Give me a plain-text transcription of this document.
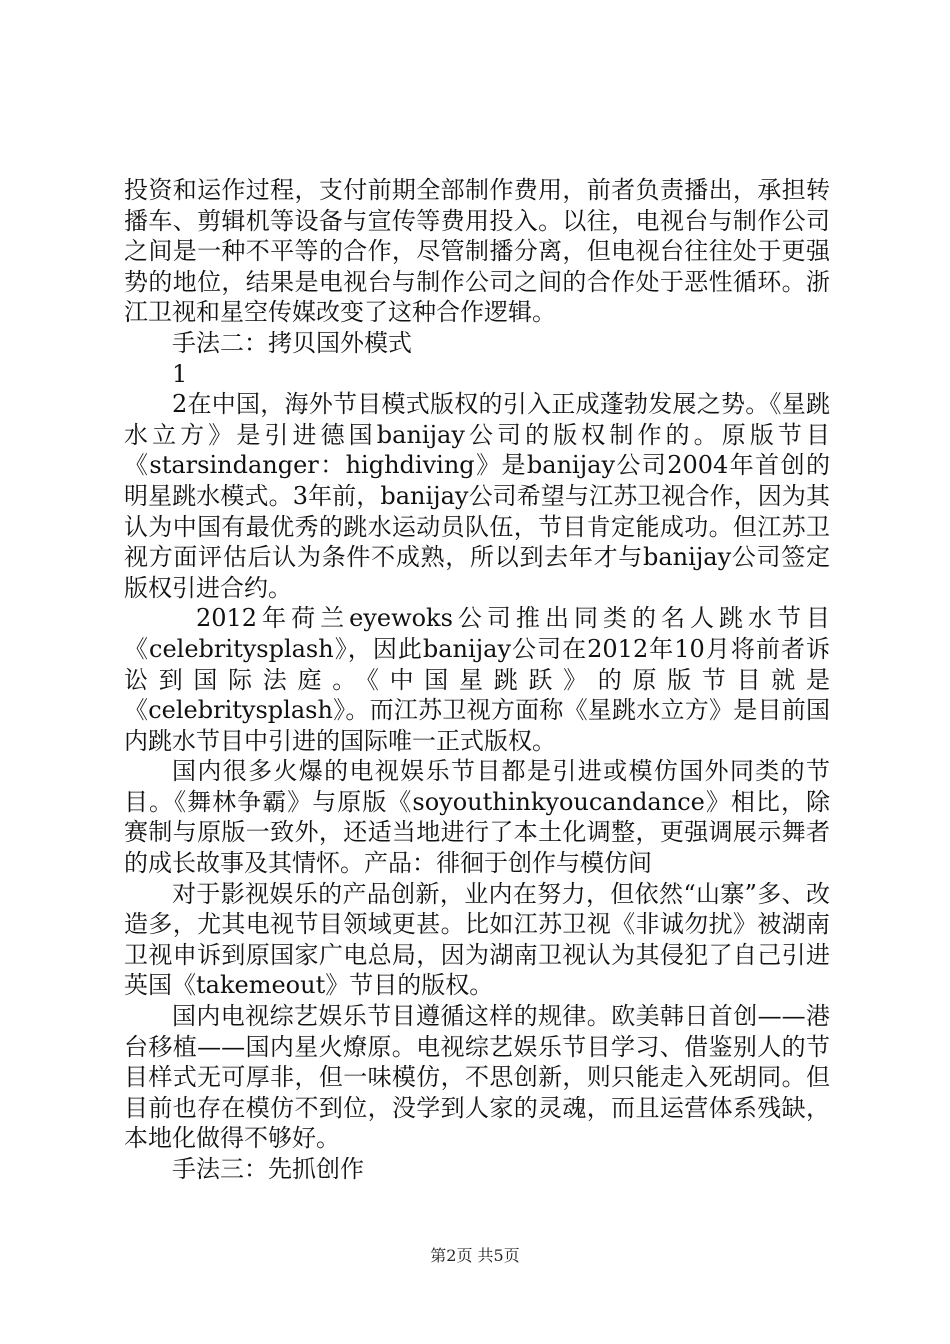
投资和运作过程，支付前期全部制作费用，前者负责播出，承担转播车、剪辑机等设备与宣传等费用投入。以往，电视台与制作公司之间是一种不平等的合作，尽管制播分离，但电视台往往处于更强势的地位，结果是电视台与制作公司之间的合作处于恶性循环。浙江卫视和星空传媒改变了这种合作逻辑。

手法二：拷贝国外模式

1

2在中国，海外节目模式版权的引入正成蓬勃发展之势。《星跳水立方》是引进德国banijay公司的版权制作的。原版节目《starsindanger：highdiving》是banijay公司2004年首创的明星跳水模式。3年前，banijay公司希望与江苏卫视合作，因为其认为中国有最优秀的跳水运动员队伍，节目肯定能成功。但江苏卫视方面评估后认为条件不成熟，所以到去年才与banijay公司签定版权引进合约。

2012年荷兰eyewoks公司推出同类的名人跳水节目《celebritysplash》，因此banijay公司在2012年10月将前者诉讼到国际法庭。《中国星跳跃》的原版节目就是《celebritysplash》。而江苏卫视方面称《星跳水立方》是目前国内跳水节目中引进的国际唯一正式版权。

国内很多火爆的电视娱乐节目都是引进或模仿国外同类的节目。《舞林争霸》与原版《soyouthinkyoucandance》相比，除赛制与原版一致外，还适当地进行了本土化调整，更强调展示舞者的成长故事及其情怀。产品：徘徊于创作与模仿间

对于影视娱乐的产品创新，业内在努力，但依然“山寨”多、改造多，尤其电视节目领域更甚。比如江苏卫视《非诚勿扰》被湖南卫视申诉到原国家广电总局，因为湖南卫视认为其侵犯了自己引进英国《takemeout》节目的版权。

国内电视综艺娱乐节目遵循这样的规律。欧美韩日首创——港台移植——国内星火燎原。电视综艺娱乐节目学习、借鉴别人的节目样式无可厚非，但一味模仿，不思创新，则只能走入死胡同。但目前也存在模仿不到位，没学到人家的灵魂，而且运营体系残缺，本地化做得不够好。

手法三：先抓创作

第2页 共5页
